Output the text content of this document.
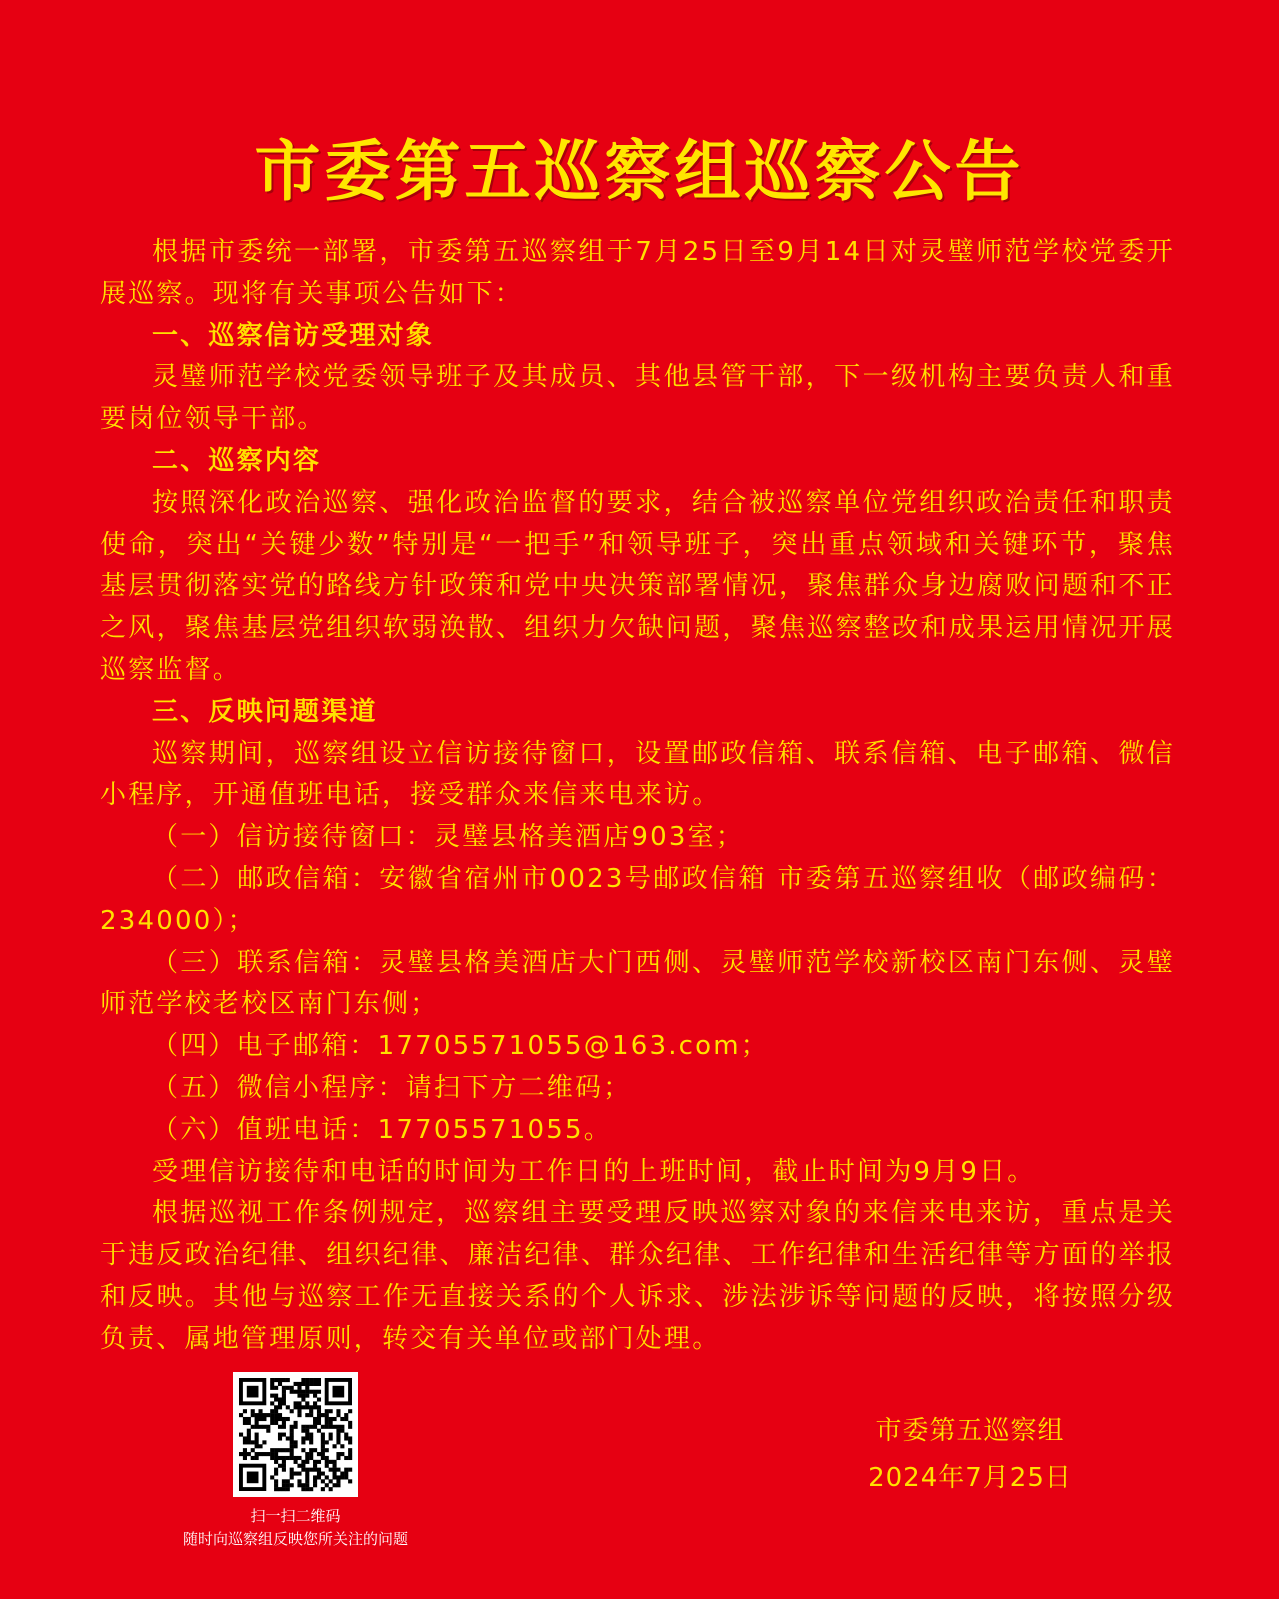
市委第五巡察组巡察公告

根据市委统一部署，市委第五巡察组于7月25日至9月14日对灵璧师范学校党委开展巡察。现将有关事项公告如下：

一、巡察信访受理对象

灵璧师范学校党委领导班子及其成员、其他县管干部，下一级机构主要负责人和重要岗位领导干部。

二、巡察内容

按照深化政治巡察、强化政治监督的要求，结合被巡察单位党组织政治责任和职责使命，突出“关键少数”特别是“一把手”和领导班子，突出重点领域和关键环节，聚焦基层贯彻落实党的路线方针政策和党中央决策部署情况，聚焦群众身边腐败问题和不正之风，聚焦基层党组织软弱涣散、组织力欠缺问题，聚焦巡察整改和成果运用情况开展巡察监督。

三、反映问题渠道

巡察期间，巡察组设立信访接待窗口，设置邮政信箱、联系信箱、电子邮箱、微信小程序，开通值班电话，接受群众来信来电来访。

（一）信访接待窗口：灵璧县格美酒店903室；

（二）邮政信箱：安徽省宿州市0023号邮政信箱 市委第五巡察组收（邮政编码：234000）；

（三）联系信箱：灵璧县格美酒店大门西侧、灵璧师范学校新校区南门东侧、灵璧师范学校老校区南门东侧；

（四）电子邮箱：17705571055@163.com；

（五）微信小程序：请扫下方二维码；

（六）值班电话：17705571055。

受理信访接待和电话的时间为工作日的上班时间，截止时间为9月9日。

根据巡视工作条例规定，巡察组主要受理反映巡察对象的来信来电来访，重点是关于违反政治纪律、组织纪律、廉洁纪律、群众纪律、工作纪律和生活纪律等方面的举报和反映。其他与巡察工作无直接关系的个人诉求、涉法涉诉等问题的反映，将按照分级负责、属地管理原则，转交有关单位或部门处理。

扫一扫二维码
随时向巡察组反映您所关注的问题
市委第五巡察组
2024年7月25日
